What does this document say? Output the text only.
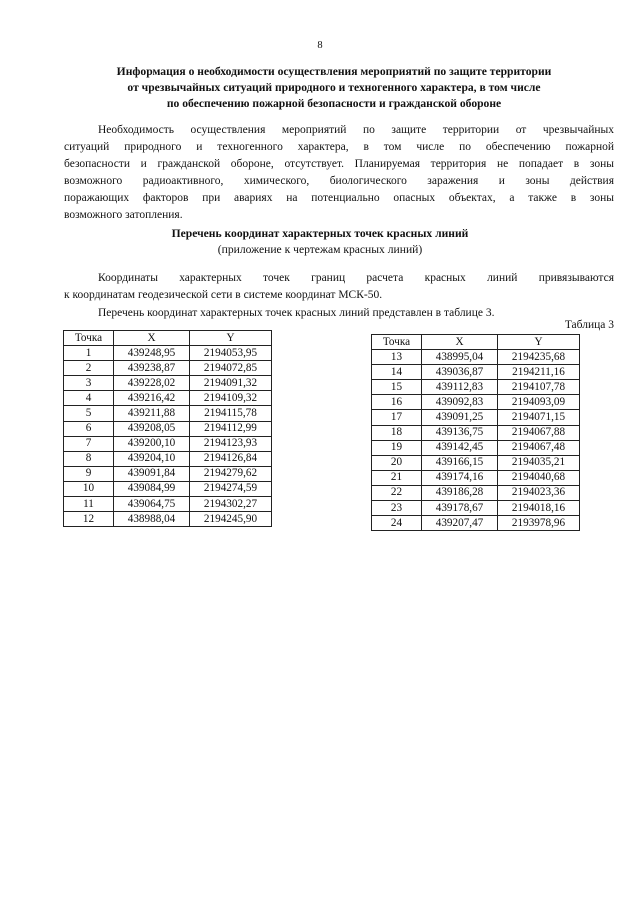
8
Информация о необходимости осуществления мероприятий по защите территории
от чрезвычайных ситуаций природного и техногенного характера, в том числе
по обеспечению пожарной безопасности и гражданской обороне
Необходимость осуществления мероприятий по защите территории от чрезвычайных
ситуаций природного и техногенного характера, в том числе по обеспечению пожарной
безопасности и гражданской обороне, отсутствует. Планируемая территория не попадает в зоны
возможного радиоактивного, химического, биологического заражения и зоны действия
поражающих факторов при авариях на потенциально опасных объектах, а также в зоны
возможного затопления.
Перечень координат характерных точек красных линий
(приложение к чертежам красных линий)
Координаты характерных точек границ расчета красных линий привязываются
к координатам геодезической сети в системе координат МСК-50.
Перечень координат характерных точек красных линий представлен в таблице 3.
Таблица 3
Точка	X	Y
1	439248,95	2194053,95
2	439238,87	2194072,85
3	439228,02	2194091,32
4	439216,42	2194109,32
5	439211,88	2194115,78
6	439208,05	2194112,99
7	439200,10	2194123,93
8	439204,10	2194126,84
9	439091,84	2194279,62
10	439084,99	2194274,59
11	439064,75	2194302,27
12	438988,04	2194245,90
Точка	X	Y
13	438995,04	2194235,68
14	439036,87	2194211,16
15	439112,83	2194107,78
16	439092,83	2194093,09
17	439091,25	2194071,15
18	439136,75	2194067,88
19	439142,45	2194067,48
20	439166,15	2194035,21
21	439174,16	2194040,68
22	439186,28	2194023,36
23	439178,67	2194018,16
24	439207,47	2193978,96
